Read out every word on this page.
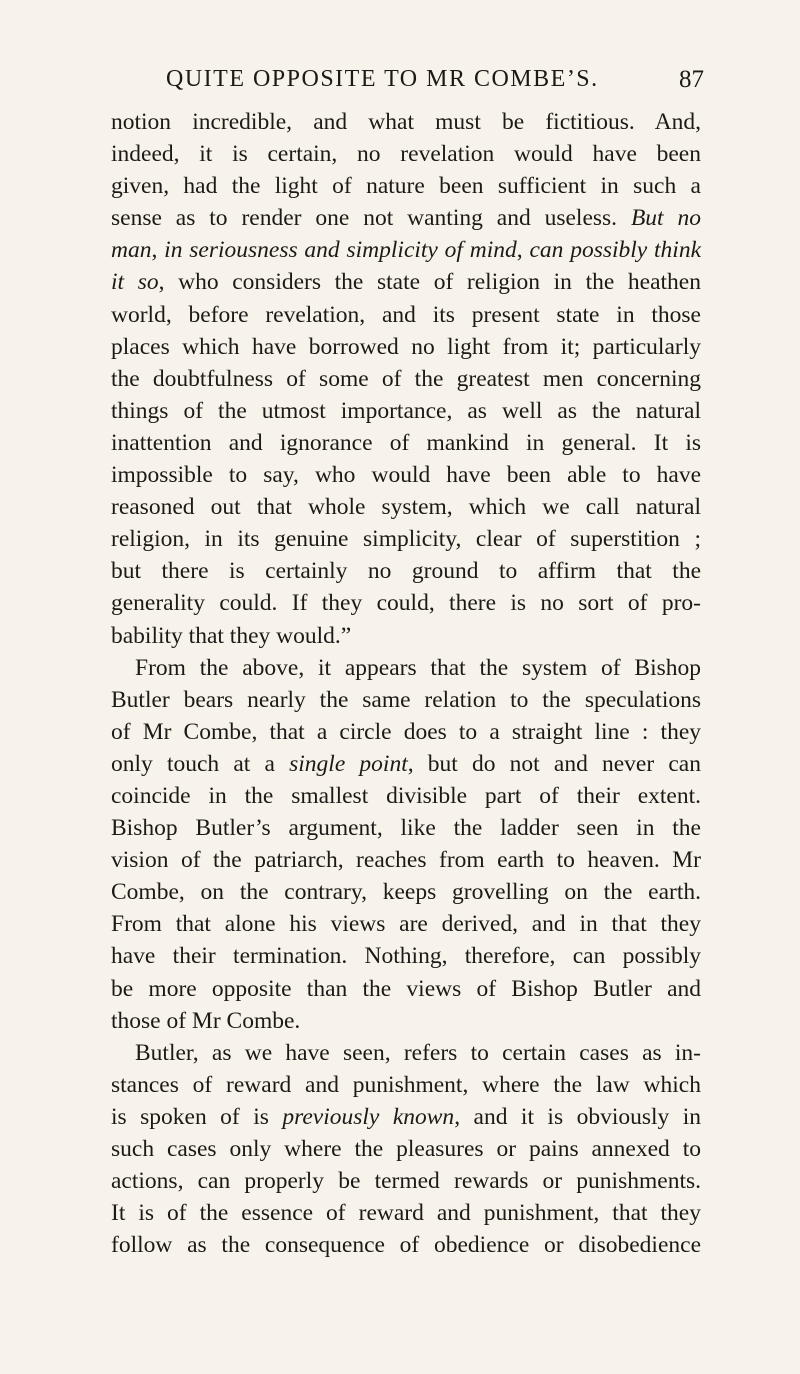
QUITE OPPOSITE TO MR COMBE’S.	87
notion incredible, and what must be fictitious. And,
indeed, it is certain, no revelation would have been
given, had the light of nature been sufficient in such a
sense as to render one not wanting and useless. But no
man, in seriousness and simplicity of mind, can possibly think
it so, who considers the state of religion in the heathen
world, before revelation, and its present state in those
places which have borrowed no light from it; particularly
the doubtfulness of some of the greatest men concerning
things of the utmost importance, as well as the natural
inattention and ignorance of mankind in general. It is
impossible to say, who would have been able to have
reasoned out that whole system, which we call natural
religion, in its genuine simplicity, clear of superstition ;
but there is certainly no ground to affirm that the
generality could. If they could, there is no sort of pro-
bability that they would.”
From the above, it appears that the system of Bishop
Butler bears nearly the same relation to the speculations
of Mr Combe, that a circle does to a straight line : they
only touch at a single point, but do not and never can
coincide in the smallest divisible part of their extent.
Bishop Butler’s argument, like the ladder seen in the
vision of the patriarch, reaches from earth to heaven. Mr
Combe, on the contrary, keeps grovelling on the earth.
From that alone his views are derived, and in that they
have their termination. Nothing, therefore, can possibly
be more opposite than the views of Bishop Butler and
those of Mr Combe.
Butler, as we have seen, refers to certain cases as in-
stances of reward and punishment, where the law which
is spoken of is previously known, and it is obviously in
such cases only where the pleasures or pains annexed to
actions, can properly be termed rewards or punishments.
It is of the essence of reward and punishment, that they
follow as the consequence of obedience or disobedience
